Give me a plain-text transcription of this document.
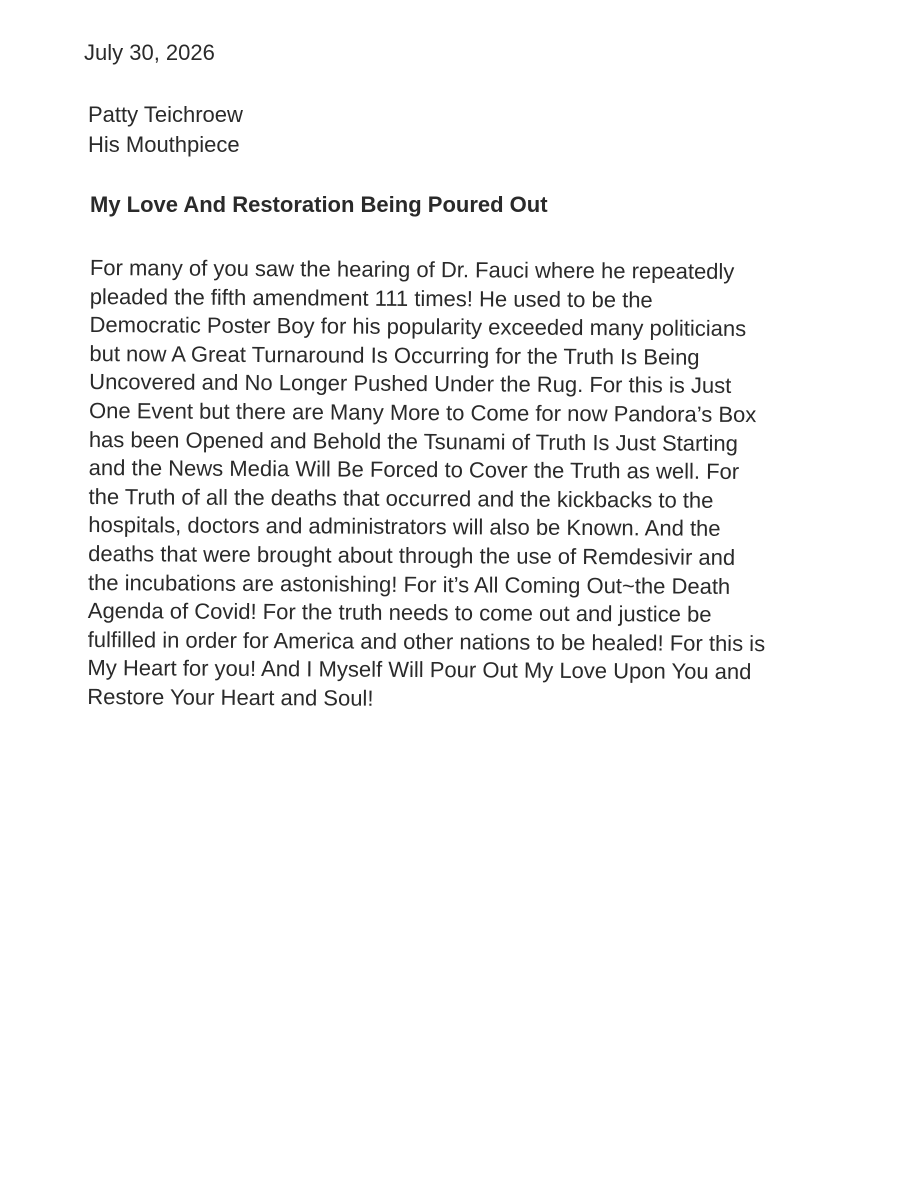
July 30, 2026

Patty Teichroew
His Mouthpiece
My Love And Restoration Being Poured Out
For many of you saw the hearing of Dr. Fauci where he repeatedly
pleaded the fifth amendment 111 times! He used to be the
Democratic Poster Boy for his popularity exceeded many politicians
but now A Great Turnaround Is Occurring for the Truth Is Being
Uncovered and No Longer Pushed Under the Rug. For this is Just
One Event but there are Many More to Come for now Pandora’s Box
has been Opened and Behold the Tsunami of Truth Is Just Starting
and the News Media Will Be Forced to Cover the Truth as well. For
the Truth of all the deaths that occurred and the kickbacks to the
hospitals, doctors and administrators will also be Known. And the
deaths that were brought about through the use of Remdesivir and
the incubations are astonishing! For it’s All Coming Out~the Death
Agenda of Covid! For the truth needs to come out and justice be
fulfilled in order for America and other nations to be healed! For this is
My Heart for you! And I Myself Will Pour Out My Love Upon You and
Restore Your Heart and Soul!
